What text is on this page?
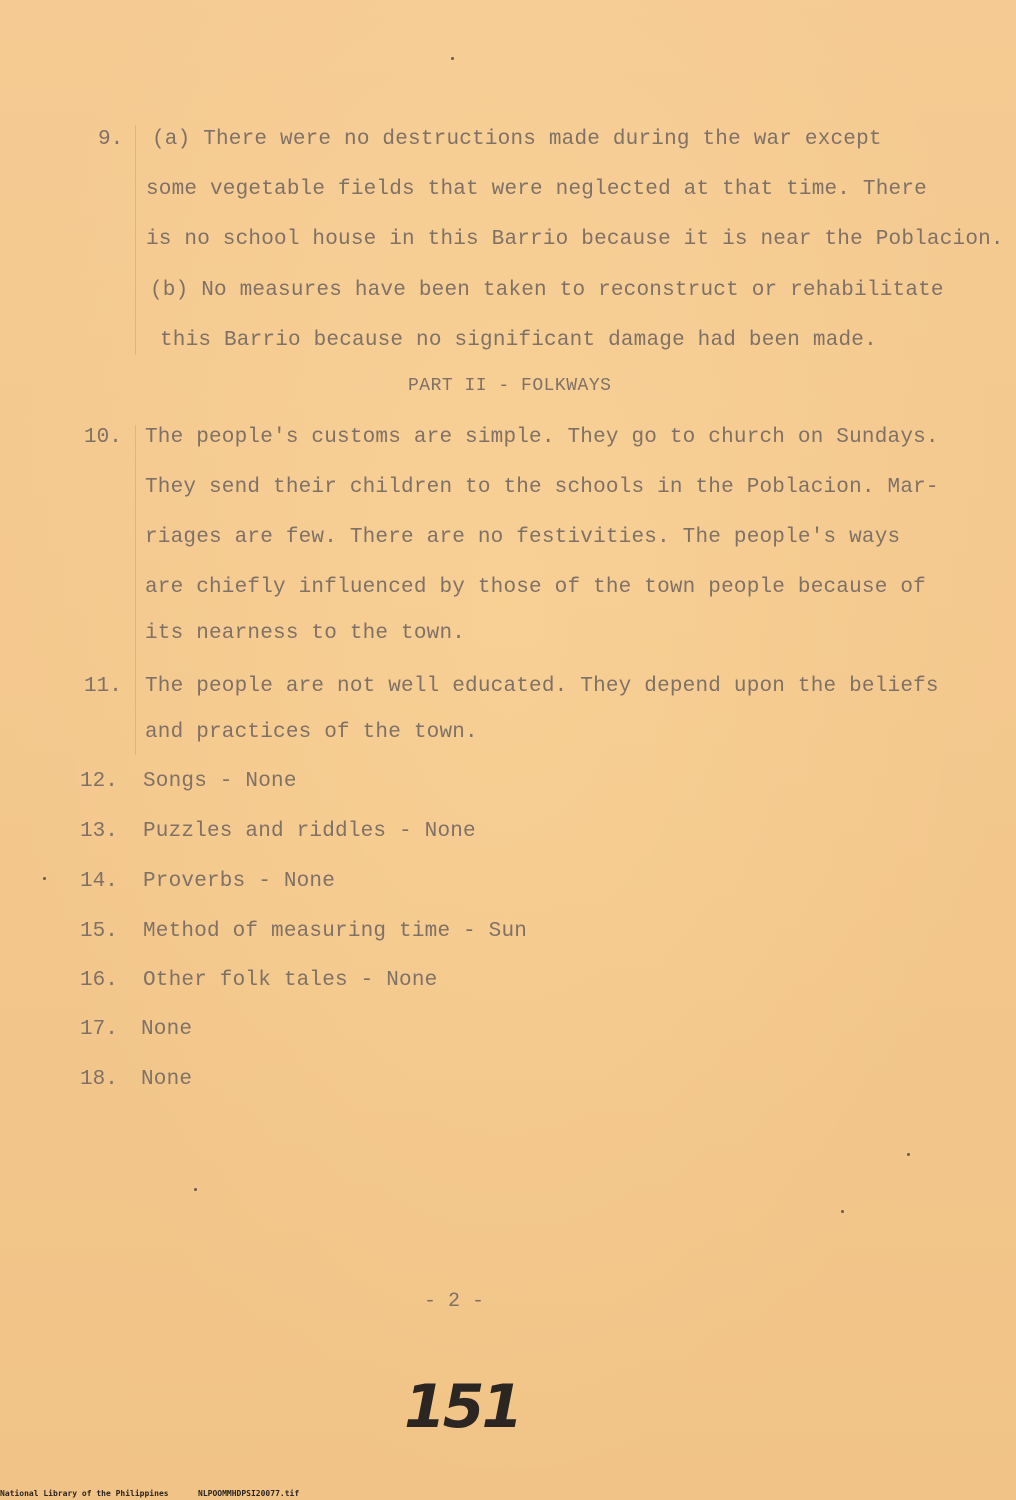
9. (a) There were no destructions made during the war except
some vegetable fields that were neglected at that time. There
is no school house in this Barrio because it is near the Poblacion.
(b) No measures have been taken to reconstruct or rehabilitate
this Barrio because no significant damage had been made.
PART II - FOLKWAYS
10. The people's customs are simple. They go to church on Sundays.
They send their children to the schools in the Poblacion. Mar-
riages are few. There are no festivities. The people's ways
are chiefly influenced by those of the town people because of
its nearness to the town.
11. The people are not well educated. They depend upon the beliefs
and practices of the town.
12. Songs - None
13. Puzzles and riddles - None
14. Proverbs - None
15. Method of measuring time - Sun
16. Other folk tales - None
17. None
18. None
- 2 -
151
National Library of the Philippines	NLPOOMMHDPSI20077.tif
